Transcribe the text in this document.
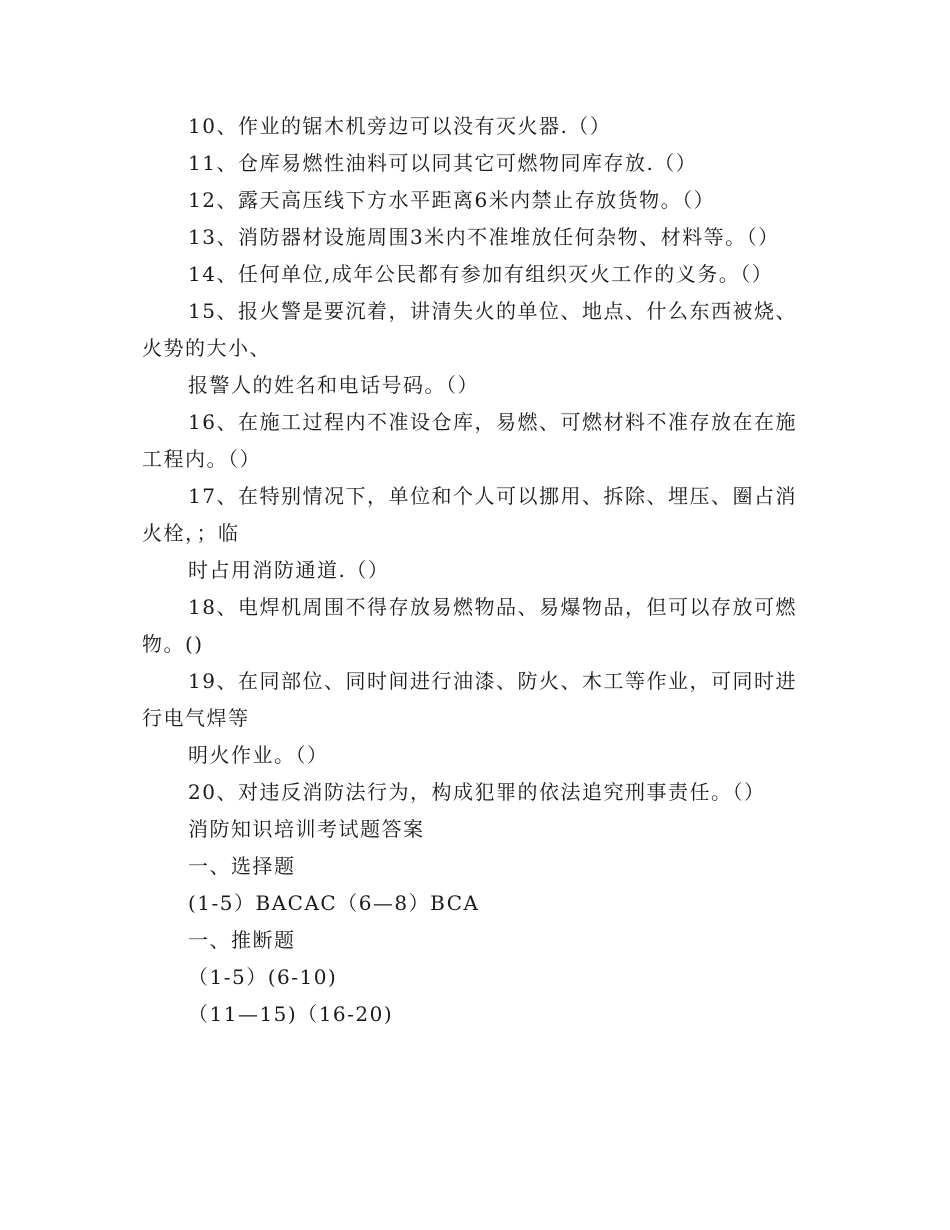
10、作业的锯木机旁边可以没有灭火器.（）
11、仓库易燃性油料可以同其它可燃物同库存放.（）
12、露天高压线下方水平距离6米内禁止存放货物。（）
13、消防器材设施周围3米内不准堆放任何杂物、材料等。（）
14、任何单位,成年公民都有参加有组织灭火工作的义务。（）
15、报火警是要沉着，讲清失火的单位、地点、什么东西被烧、
火势的大小、
报警人的姓名和电话号码。（）
16、在施工过程内不准设仓库，易燃、可燃材料不准存放在在施
工程内。（）
17、在特别情况下，单位和个人可以挪用、拆除、埋压、圈占消
火栓，；临
时占用消防通道.（）
18、电焊机周围不得存放易燃物品、易爆物品，但可以存放可燃
物。()
19、在同部位、同时间进行油漆、防火、木工等作业，可同时进
行电气焊等
明火作业。（）
20、对违反消防法行为，构成犯罪的依法追究刑事责任。（）
消防知识培训考试题答案
一、选择题
(1-5）BACAC（6—8）BCA
一、推断题
（1-5）(6-10)
（11—15)（16-20)
